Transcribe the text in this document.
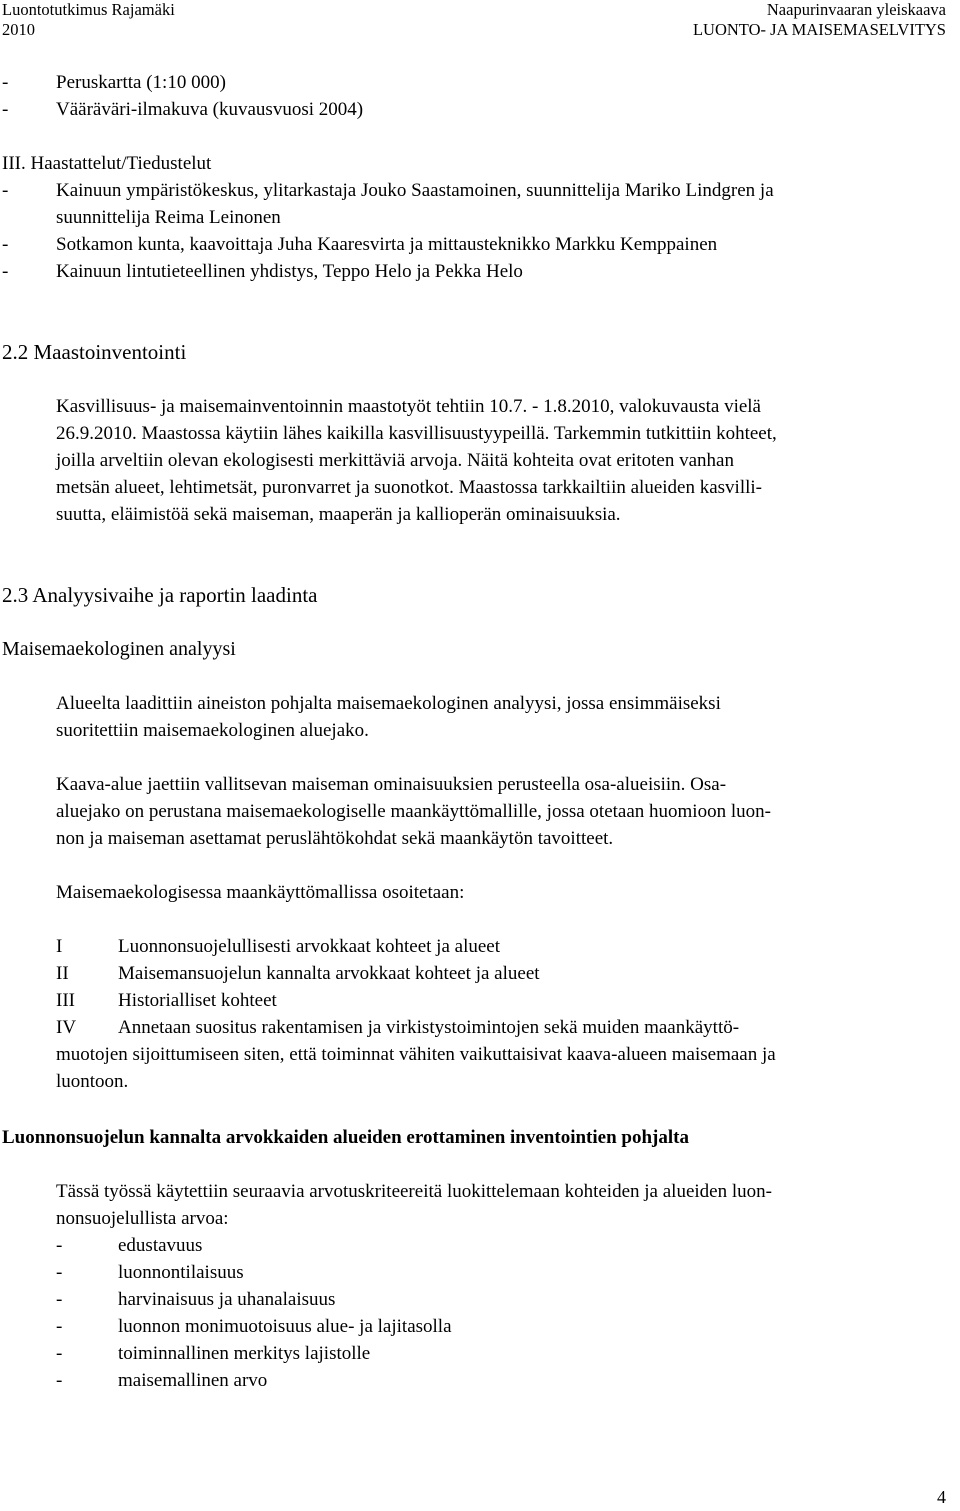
Luontotutkimus Rajamäki
2010
Naapurinvaaran yleiskaava
LUONTO- JA MAISEMASELVITYS
-	Peruskartta (1:10 000)
-	Vääräväri-ilmakuva (kuvausvuosi 2004)
III. Haastattelut/Tiedustelut
-	Kainuun ympäristökeskus, ylitarkastaja Jouko Saastamoinen, suunnittelija Mariko Lindgren ja
suunnittelija Reima Leinonen
-	Sotkamon kunta, kaavoittaja Juha Kaaresvirta ja mittausteknikko Markku Kemppainen
-	Kainuun lintutieteellinen yhdistys, Teppo Helo ja Pekka Helo
2.2 Maastoinventointi
Kasvillisuus- ja maisemainventoinnin maastotyöt tehtiin 10.7. - 1.8.2010, valokuvausta vielä
26.9.2010. Maastossa käytiin lähes kaikilla kasvillisuustyypeillä. Tarkemmin tutkittiin kohteet,
joilla arveltiin olevan ekologisesti merkittäviä arvoja. Näitä kohteita ovat eritoten vanhan
metsän alueet, lehtimetsät, puronvarret ja suonotkot. Maastossa tarkkailtiin alueiden kasvilli-
suutta, eläimistöä sekä maiseman, maaperän ja kallioperän ominaisuuksia.
2.3 Analyysivaihe ja raportin laadinta
Maisemaekologinen analyysi
Alueelta laadittiin aineiston pohjalta maisemaekologinen analyysi, jossa ensimmäiseksi
suoritettiin maisemaekologinen aluejako.
Kaava-alue jaettiin vallitsevan maiseman ominaisuuksien perusteella osa-alueisiin. Osa-
aluejako on perustana maisemaekologiselle maankäyttömallille, jossa otetaan huomioon luon-
non ja maiseman asettamat peruslähtökohdat sekä maankäytön tavoitteet.
Maisemaekologisessa maankäyttömallissa osoitetaan:
I	Luonnonsuojelullisesti arvokkaat kohteet ja alueet
II	Maisemansuojelun kannalta arvokkaat kohteet ja alueet
III Historialliset kohteet
IV Annetaan suositus rakentamisen ja virkistystoimintojen sekä muiden maankäyttö-
muotojen sijoittumiseen siten, että toiminnat vähiten vaikuttaisivat kaava-alueen maisemaan ja
luontoon.
Luonnonsuojelun kannalta arvokkaiden alueiden erottaminen inventointien pohjalta
Tässä työssä käytettiin seuraavia arvotuskriteereitä luokittelemaan kohteiden ja alueiden luon-
nonsuojelullista arvoa:
-	edustavuus
-	luonnontilaisuus
-	harvinaisuus ja uhanalaisuus
-	luonnon monimuotoisuus alue- ja lajitasolla
-	toiminnallinen merkitys lajistolle
-	maisemallinen arvo
4
